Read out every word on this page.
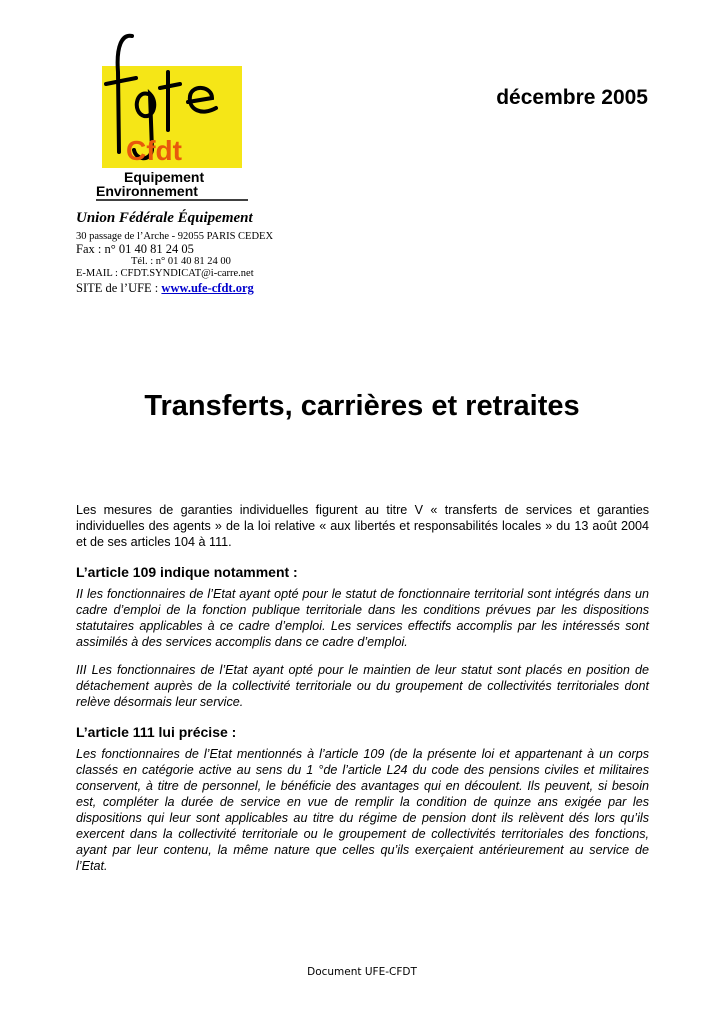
Cfdt
Equipement
Environnement
décembre 2005
Union Fédérale Équipement
30 passage de l’Arche - 92055 PARIS CEDEX
Fax : n° 01 40 81 24 05
Tél. : n° 01 40 81 24 00
E-MAIL : CFDT.SYNDICAT@i-carre.net
SITE de l’UFE : www.ufe-cfdt.org
Transferts, carrières et retraites
Les mesures de garanties individuelles figurent au titre V « transferts de services et garanties individuelles des agents » de la loi relative « aux libertés et responsabilités locales » du 13 août 2004 et de ses articles 104 à 111.
L’article 109 indique notamment :
II les fonctionnaires de l’Etat ayant opté pour le statut de fonctionnaire territorial sont intégrés dans un cadre d’emploi de la fonction publique territoriale dans les conditions prévues par les dispositions statutaires applicables à ce cadre d’emploi. Les services effectifs accomplis par les intéressés sont assimilés à des services accomplis dans ce cadre d’emploi.
III Les fonctionnaires de l’Etat ayant opté pour le maintien de leur statut sont placés en position de détachement auprès de la collectivité territoriale ou du groupement de collectivités territoriales dont relève désormais leur service.
L’article 111 lui précise :
Les fonctionnaires de l’Etat mentionnés à l’article 109 (de la présente loi et appartenant à un corps classés en catégorie active au sens du 1 °de l’article L24 du code des pensions civiles et militaires conservent, à titre de personnel, le bénéficie des avantages qui en découlent. Ils peuvent, si besoin est, compléter la durée de service en vue de remplir la condition de quinze ans exigée par les dispositions qui leur sont applicables au titre du régime de pension dont ils relèvent dés lors qu’ils exercent dans la collectivité territoriale ou le groupement de collectivités territoriales des fonctions, ayant par leur contenu, la même nature que celles qu’ils exerçaient antérieurement au service de l’Etat.
Document UFE-CFDT
